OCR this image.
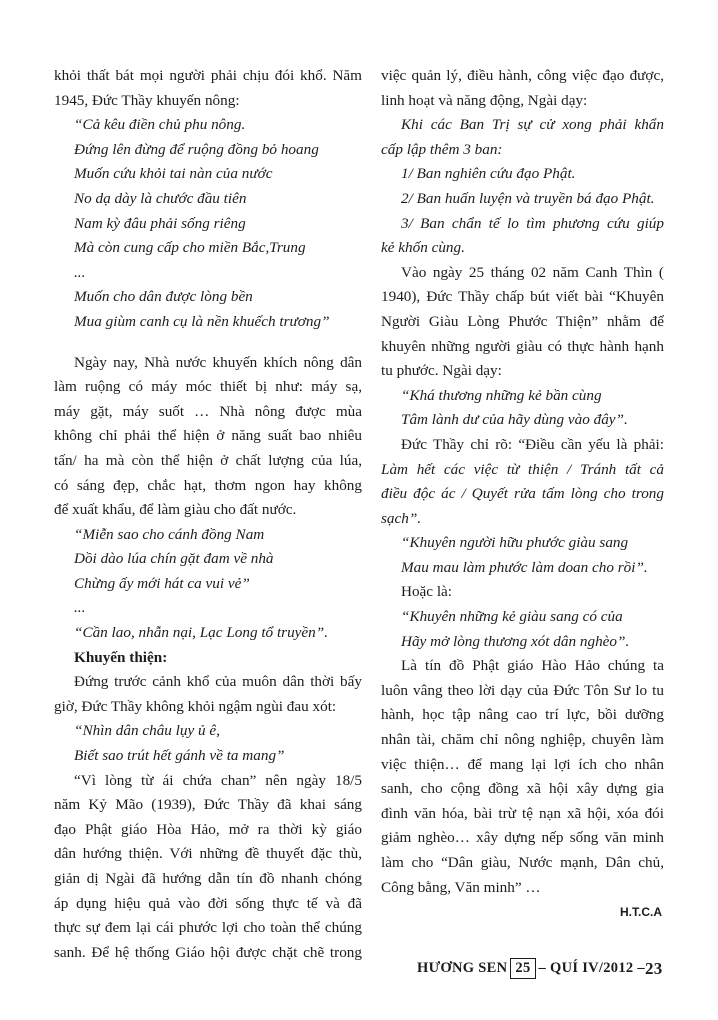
khỏi thất bát mọi người phải chịu đói khổ. Năm

1945, Đức Thầy khuyến nông:

“Cả kêu điền chủ phu nông.

Đứng lên đừng để ruộng đồng bỏ hoang

Muốn cứu khỏi tai nàn của nước

No dạ dày là chước đầu tiên

Nam kỳ đâu phải sống riêng

Mà còn cung cấp cho miền Bắc,Trung

...

Muốn cho dân được lòng bền

Mua giùm canh cụ là nền khuếch trương”

Ngày nay, Nhà nước khuyến khích nông dân

làm ruộng có máy móc thiết bị như: máy sạ,

máy gặt, máy suốt … Nhà nông được mùa

không chỉ phải thể hiện ở năng suất bao nhiêu

tấn/ ha mà còn thể hiện ở chất lượng của lúa,

có sáng đẹp, chắc hạt, thơm ngon hay không

để xuất khẩu, để làm giàu cho đất nước.

“Miễn sao cho cánh đồng Nam

Dồi dào lúa chín gặt đam về nhà

Chừng ấy mới hát ca vui vẻ”

...

“Cần lao, nhẫn nại, Lạc Long tổ truyền”.

Khuyến thiện:

Đứng trước cảnh khổ của muôn dân thời bấy

giờ, Đức Thầy không khỏi ngậm ngùi đau xót:

“Nhìn dân châu lụy ủ ê,

Biết sao trút hết gánh về ta mang”

“Vì lòng từ ái chứa chan” nên ngày 18/5

năm Kỷ Mão (1939), Đức Thầy đã khai sáng

đạo Phật giáo Hòa Hảo, mở ra thời kỳ giáo

dân hướng thiện. Với những đề thuyết đặc thù,

giản dị Ngài đã hướng dẫn tín đồ nhanh chóng

áp dụng hiệu quả vào đời sống thực tế và đã

thực sự đem lại cái phước lợi cho toàn thể chúng

sanh. Để hệ thống Giáo hội được chặt chẽ trong

việc quản lý, điều hành, công việc đạo được,

linh hoạt và năng động, Ngài dạy:

Khi các Ban Trị sự cử xong phải khẩn

cấp lập thêm 3 ban:

1/ Ban nghiên cứu đạo Phật.

2/ Ban huấn luyện và truyền bá đạo Phật.

3/ Ban chẩn tế lo tìm phương cứu giúp

kẻ khốn cùng.

Vào ngày 25 tháng 02 năm Canh Thìn (

1940), Đức Thầy chấp bút viết bài “Khuyên

Người Giàu Lòng Phước Thiện” nhằm để

khuyên những người giàu có thực hành hạnh

tu phước. Ngài dạy:

“Khá thương những kẻ bần cùng

Tâm lành dư của hãy dùng vào đây”.

Đức Thầy chỉ rõ: “Điều cần yếu là phải:

Làm hết các việc từ thiện / Tránh tất cả

điều độc ác / Quyết rửa tấm lòng cho trong

sạch”.

“Khuyên người hữu phước giàu sang

Mau mau làm phước làm doan cho rồi”.

Hoặc là:

“Khuyên những kẻ giàu sang có của

Hãy mở lòng thương xót dân nghèo”.

Là tín đồ Phật giáo Hào Hảo chúng ta

luôn vâng theo lời dạy của Đức Tôn Sư lo tu

hành, học tập nâng cao trí lực, bồi dưỡng

nhân tài, chăm chỉ nông nghiệp, chuyên làm

việc thiện… để mang lại lợi ích cho nhân

sanh, cho cộng đồng xã hội xây dựng gia

đình văn hóa, bài trừ tệ nạn xã hội, xóa đói

giảm nghèo… xây dựng nếp sống văn minh

làm cho “Dân giàu, Nước mạnh, Dân chủ,

Công bằng, Văn minh” …

H.T.C.A

HƯƠNG SEN 25 –
QUÍ IV/2012 – 23
